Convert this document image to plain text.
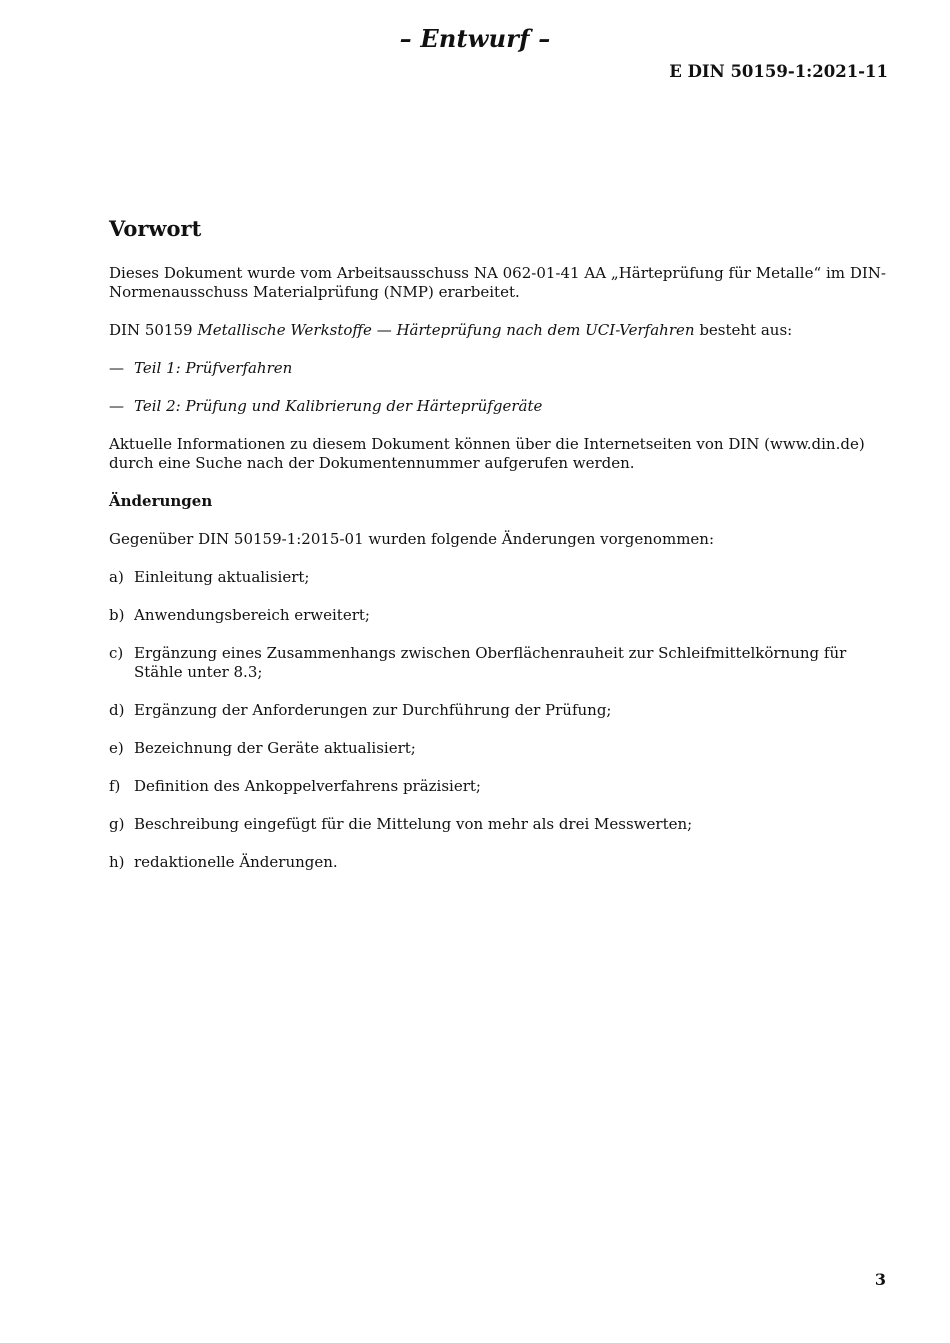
– Entwurf –
E DIN 50159-1:2021-11
Vorwort

Dieses Dokument wurde vom Arbeitsausschuss NA 062-01-41 AA „Härteprüfung für Metalle“ im DIN-Normenausschuss Materialprüfung (NMP) erarbeitet.

DIN 50159 Metallische Werkstoffe — Härteprüfung nach dem UCI-Verfahren besteht aus:

— Teil 1: Prüfverfahren
— Teil 2: Prüfung und Kalibrierung der Härteprüfgeräte

Aktuelle Informationen zu diesem Dokument können über die Internetseiten von DIN (www.din.de) durch eine Suche nach der Dokumentennummer aufgerufen werden.

Änderungen

Gegenüber DIN 50159-1:2015-01 wurden folgende Änderungen vorgenommen:

a) Einleitung aktualisiert;
b) Anwendungsbereich erweitert;
c) Ergänzung eines Zusammenhangs zwischen Oberflächenrauheit zur Schleifmittelkörnung für Stähle unter 8.3;
d) Ergänzung der Anforderungen zur Durchführung der Prüfung;
e) Bezeichnung der Geräte aktualisiert;
f) Definition des Ankoppelverfahrens präzisiert;
g) Beschreibung eingefügt für die Mittelung von mehr als drei Messwerten;
h) redaktionelle Änderungen.
3
